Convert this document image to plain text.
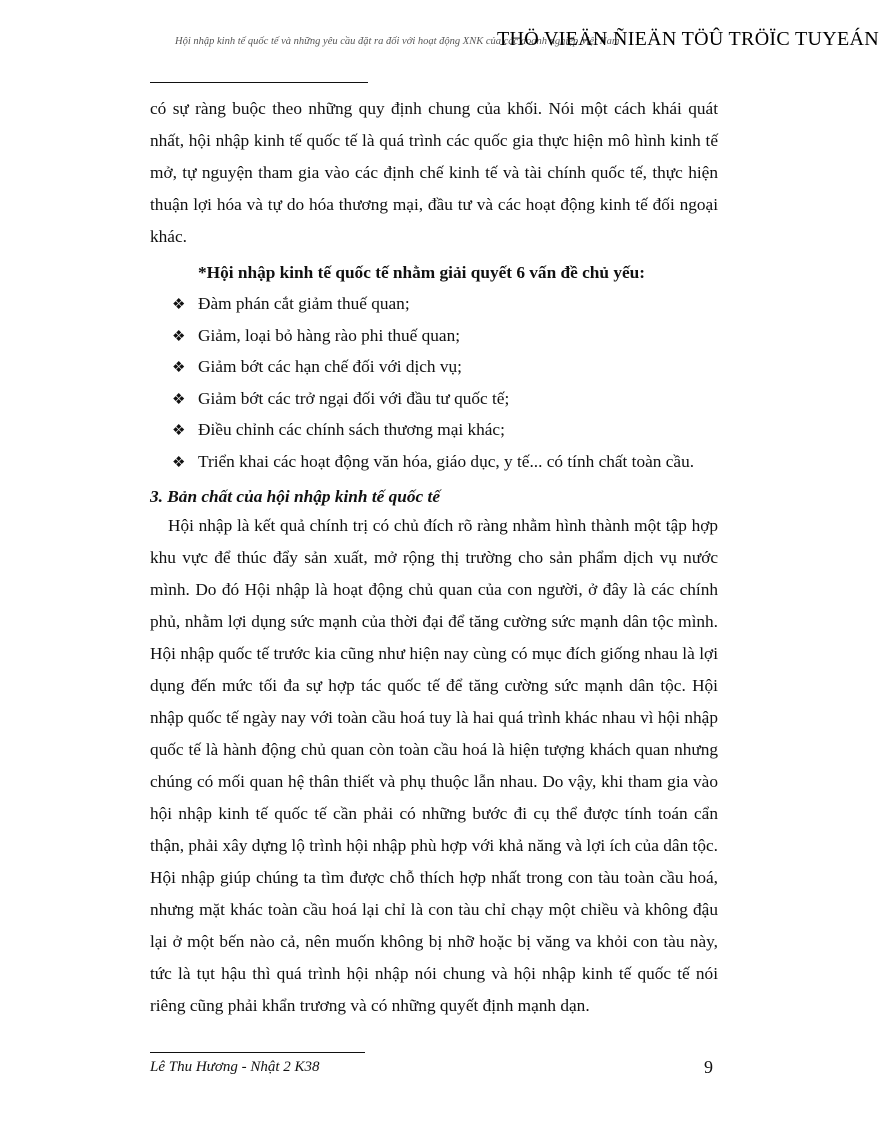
Hội nhập kinh tế quốc tế và những yêu cầu đặt ra đối với hoạt động XNK của các doanh nghiệp Việt Nam
THÖ VIEÄN ÑIEÄN TÖÛ TRÖÏC TUYEÁN

có sự ràng buộc theo những quy định chung của khối. Nói một cách khái quát nhất, hội nhập kinh tế quốc tế là quá trình các quốc gia thực hiện mô hình kinh tế mở, tự nguyện tham gia vào các định chế kinh tế và tài chính quốc tế, thực hiện thuận lợi hóa và tự do hóa thương mại, đầu tư và các hoạt động kinh tế đối ngoại khác.

*Hội nhập kinh tế quốc tế nhằm giải quyết 6 vấn đề chủ yếu:

❖ Đàm phán cắt giảm thuế quan;
❖ Giảm, loại bỏ hàng rào phi thuế quan;
❖ Giảm bớt các hạn chế đối với dịch vụ;
❖ Giảm bớt các trở ngại đối với đầu tư quốc tế;
❖ Điều chỉnh các chính sách thương mại khác;
❖ Triển khai các hoạt động văn hóa, giáo dục, y tế... có tính chất toàn cầu.
3. Bản chất của hội nhập kinh tế quốc tế

Hội nhập là kết quả chính trị có chủ đích rõ ràng nhằm hình thành một tập hợp khu vực để thúc đẩy sản xuất, mở rộng thị trường cho sản phẩm dịch vụ nước mình. Do đó Hội nhập là hoạt động chủ quan của con người, ở đây là các chính phủ, nhằm lợi dụng sức mạnh của thời đại để tăng cường sức mạnh dân tộc mình. Hội nhập quốc tế trước kia cũng như hiện nay cùng có mục đích giống nhau là lợi dụng đến mức tối đa sự hợp tác quốc tế để tăng cường sức mạnh dân tộc. Hội nhập quốc tế ngày nay với toàn cầu hoá tuy là hai quá trình khác nhau vì hội nhập quốc tế là hành động chủ quan còn toàn cầu hoá là hiện tượng khách quan nhưng chúng có mối quan hệ thân thiết và phụ thuộc lẫn nhau. Do vậy, khi tham gia vào hội nhập kinh tế quốc tế cần phải có những bước đi cụ thể được tính toán cẩn thận, phải xây dựng lộ trình hội nhập phù hợp với khả năng và lợi ích của dân tộc. Hội nhập giúp chúng ta tìm được chỗ thích hợp nhất trong con tàu toàn cầu hoá, nhưng mặt khác toàn cầu hoá lại chỉ là con tàu chỉ chạy một chiều và không đậu lại ở một bến nào cả, nên muốn không bị nhỡ hoặc bị văng va khỏi con tàu này, tức là tụt hậu thì quá trình hội nhập nói chung và hội nhập kinh tế quốc tế nói riêng cũng phải khẩn trương và có những quyết định mạnh dạn.

Lê Thu Hương - Nhật 2 K38	9
